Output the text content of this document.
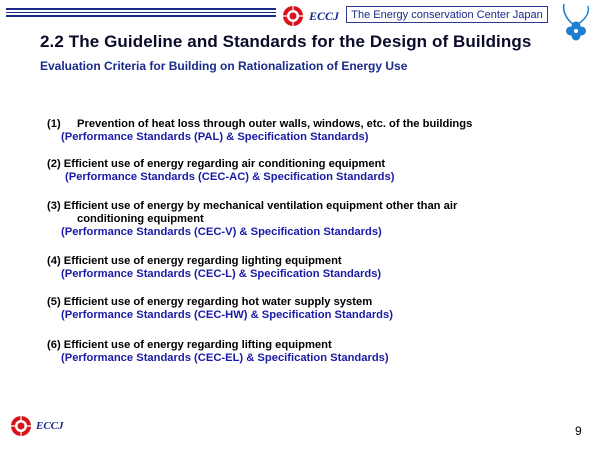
ECCJ	The Energy conservation Center Japan
2.2 The Guideline and Standards for the Design of Buildings
Evaluation Criteria for Building on Rationalization of Energy Use
(1) Prevention of heat loss through outer walls, windows, etc. of the buildings
(Performance Standards (PAL) & Specification Standards)
(2) Efficient use of energy regarding air conditioning equipment
(Performance Standards (CEC-AC) & Specification Standards)
(3) Efficient use of energy by mechanical ventilation equipment other than air
conditioning equipment
(Performance Standards (CEC-V) & Specification Standards)
(4) Efficient use of energy regarding lighting equipment
(Performance Standards (CEC-L) & Specification Standards)
(5) Efficient use of energy regarding hot water supply system
(Performance Standards (CEC-HW) & Specification Standards)
(6) Efficient use of energy regarding lifting equipment
(Performance Standards (CEC-EL) & Specification Standards)
ECCJ	9
